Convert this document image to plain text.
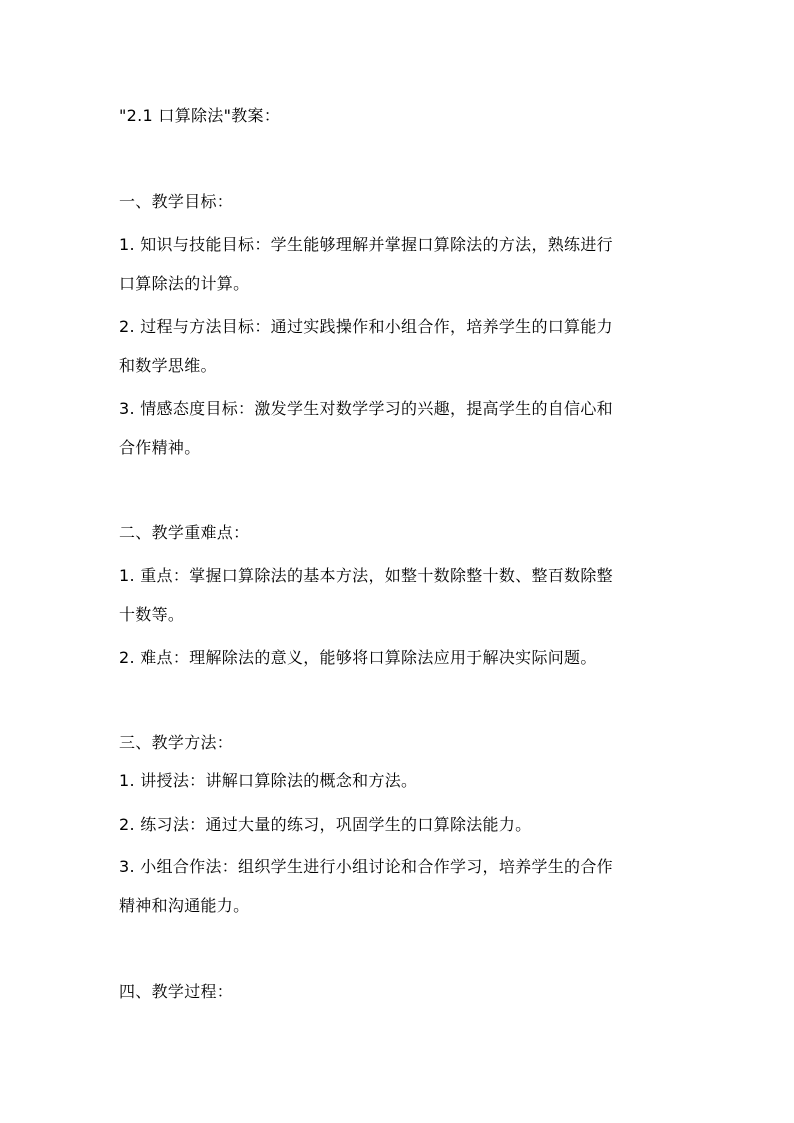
"2.1 口算除法"教案：
一、教学目标：
1. 知识与技能目标：学生能够理解并掌握口算除法的方法，熟练进行
口算除法的计算。
2. 过程与方法目标：通过实践操作和小组合作，培养学生的口算能力
和数学思维。
3. 情感态度目标：激发学生对数学学习的兴趣，提高学生的自信心和
合作精神。
二、教学重难点：
1. 重点：掌握口算除法的基本方法，如整十数除整十数、整百数除整
十数等。
2. 难点：理解除法的意义，能够将口算除法应用于解决实际问题。
三、教学方法：
1. 讲授法：讲解口算除法的概念和方法。
2. 练习法：通过大量的练习，巩固学生的口算除法能力。
3. 小组合作法：组织学生进行小组讨论和合作学习，培养学生的合作
精神和沟通能力。
四、教学过程：
